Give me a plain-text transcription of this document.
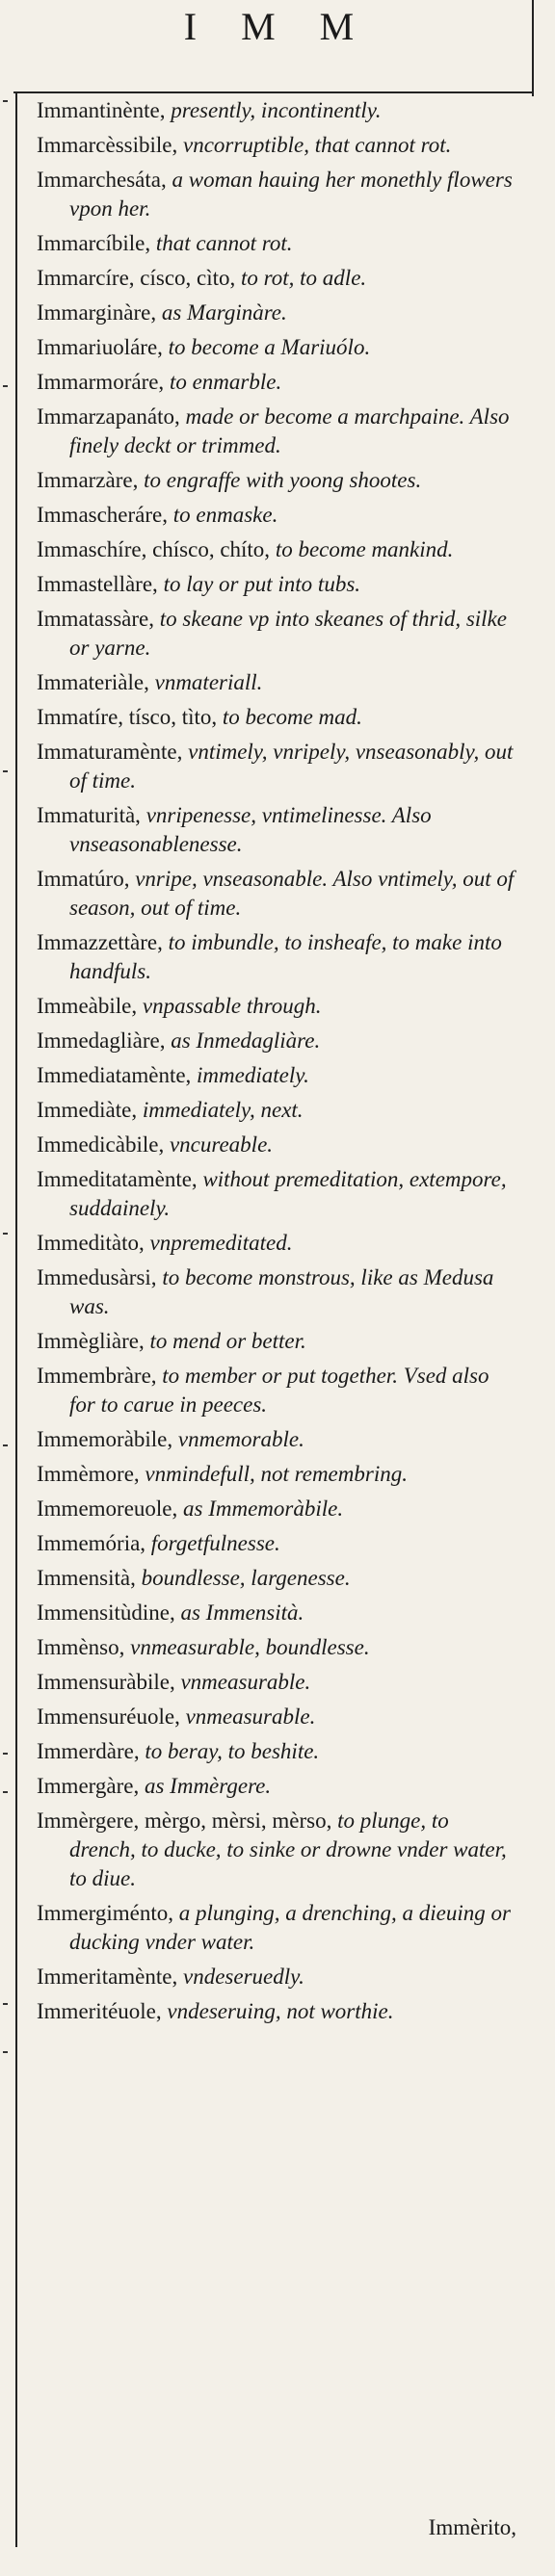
I M M
Immantinènte, presently, incontinently.
Immarcèssibile, vncorruptible, that cannot rot.
Immarchesáta, a woman hauing her monethly flowers vpon her.
Immarcíbile, that cannot rot.
Immarcíre, císco, cìto, to rot, to adle.
Immarginàre, as Marginàre.
Immariuoláre, to become a Mariuólo.
Immarmoráre, to enmarble.
Immarzapanáto, made or become a marchpaine. Also finely deckt or trimmed.
Immarzàre, to engraffe with yoong shootes.
Immascheráre, to enmaske.
Immaschíre, chísco, chíto, to become mankind.
Immastellàre, to lay or put into tubs.
Immatassàre, to skeane vp into skeanes of thrid, silke or yarne.
Immateriàle, vnmateriall.
Immatíre, tísco, tìto, to become mad.
Immaturamènte, vntimely, vnripely, vnseasonably, out of time.
Immaturità, vnripenesse, vntimelinesse. Also vnseasonablenesse.
Immatúro, vnripe, vnseasonable. Also vntimely, out of season, out of time.
Immazzettàre, to imbundle, to insheafe, to make into handfuls.
Immeàbile, vnpassable through.
Immedagliàre, as Inmedagliàre.
Immediatamènte, immediately.
Immediàte, immediately, next.
Immedicàbile, vncureable.
Immeditatamènte, without premeditation, extempore, suddainely.
Immeditàto, vnpremeditated.
Immedusàrsi, to become monstrous, like as Medusa was.
Immègliàre, to mend or better.
Immembràre, to member or put together. Vsed also for to carue in peeces.
Immemoràbile, vnmemorable.
Immèmore, vnmindefull, not remembring.
Immemoreuole, as Immemoràbile.
Immemória, forgetfulnesse.
Immensità, boundlesse, largenesse.
Immensitùdine, as Immensità.
Immènso, vnmeasurable, boundlesse.
Immensuràbile, vnmeasurable.
Immensuréuole, vnmeasurable.
Immerdàre, to beray, to beshite.
Immergàre, as Immèrgere.
Immèrgere, mèrgo, mèrsi, mèrso, to plunge, to drench, to ducke, to sinke or drowne vnder water, to diue.
Immergiménto, a plunging, a drenching, a dieuing or ducking vnder water.
Immeritamènte, vndeseruedly.
Immeritéuole, vndeseruing, not worthie.
Immèrito,
